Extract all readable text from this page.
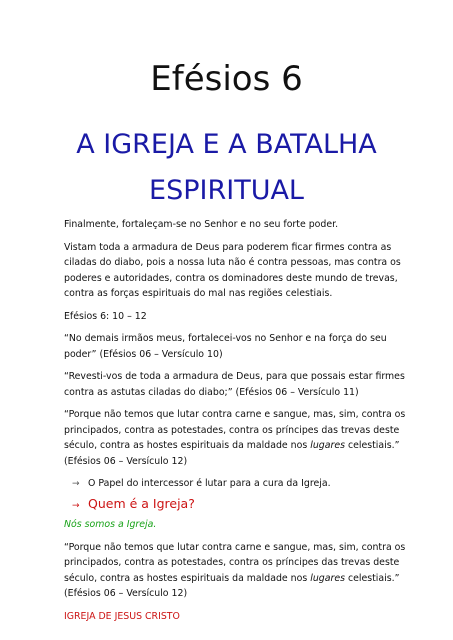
Efésios 6
A IGREJA E A BATALHA ESPIRITUAL

Finalmente, fortaleçam-se no Senhor e no seu forte poder.

Vistam toda a armadura de Deus para poderem ficar firmes contra as ciladas do diabo, pois a nossa luta não é contra pessoas, mas contra os poderes e autoridades, contra os dominadores deste mundo de trevas, contra as forças espirituais do mal nas regiões celestiais.

Efésios 6: 10 – 12

“No demais irmãos meus, fortalecei-vos no Senhor e na força do seu poder” (Efésios 06 – Versículo 10)

“Revesti-vos de toda a armadura de Deus, para que possais estar firmes contra as astutas ciladas do diabo;” (Efésios 06 – Versículo 11)

“Porque não temos que lutar contra carne e sangue, mas, sim, contra os principados, contra as potestades, contra os príncipes das trevas deste século, contra as hostes espirituais da maldade nos lugares celestiais.” (Efésios 06 – Versículo 12)

→ O Papel do intercessor é lutar para a cura da Igreja.
→ Quem é a Igreja?

Nós somos a Igreja.

“Porque não temos que lutar contra carne e sangue, mas, sim, contra os principados, contra as potestades, contra os príncipes das trevas deste século, contra as hostes espirituais da maldade nos lugares celestiais.” (Efésios 06 – Versículo 12)

IGREJA DE JESUS CRISTO
